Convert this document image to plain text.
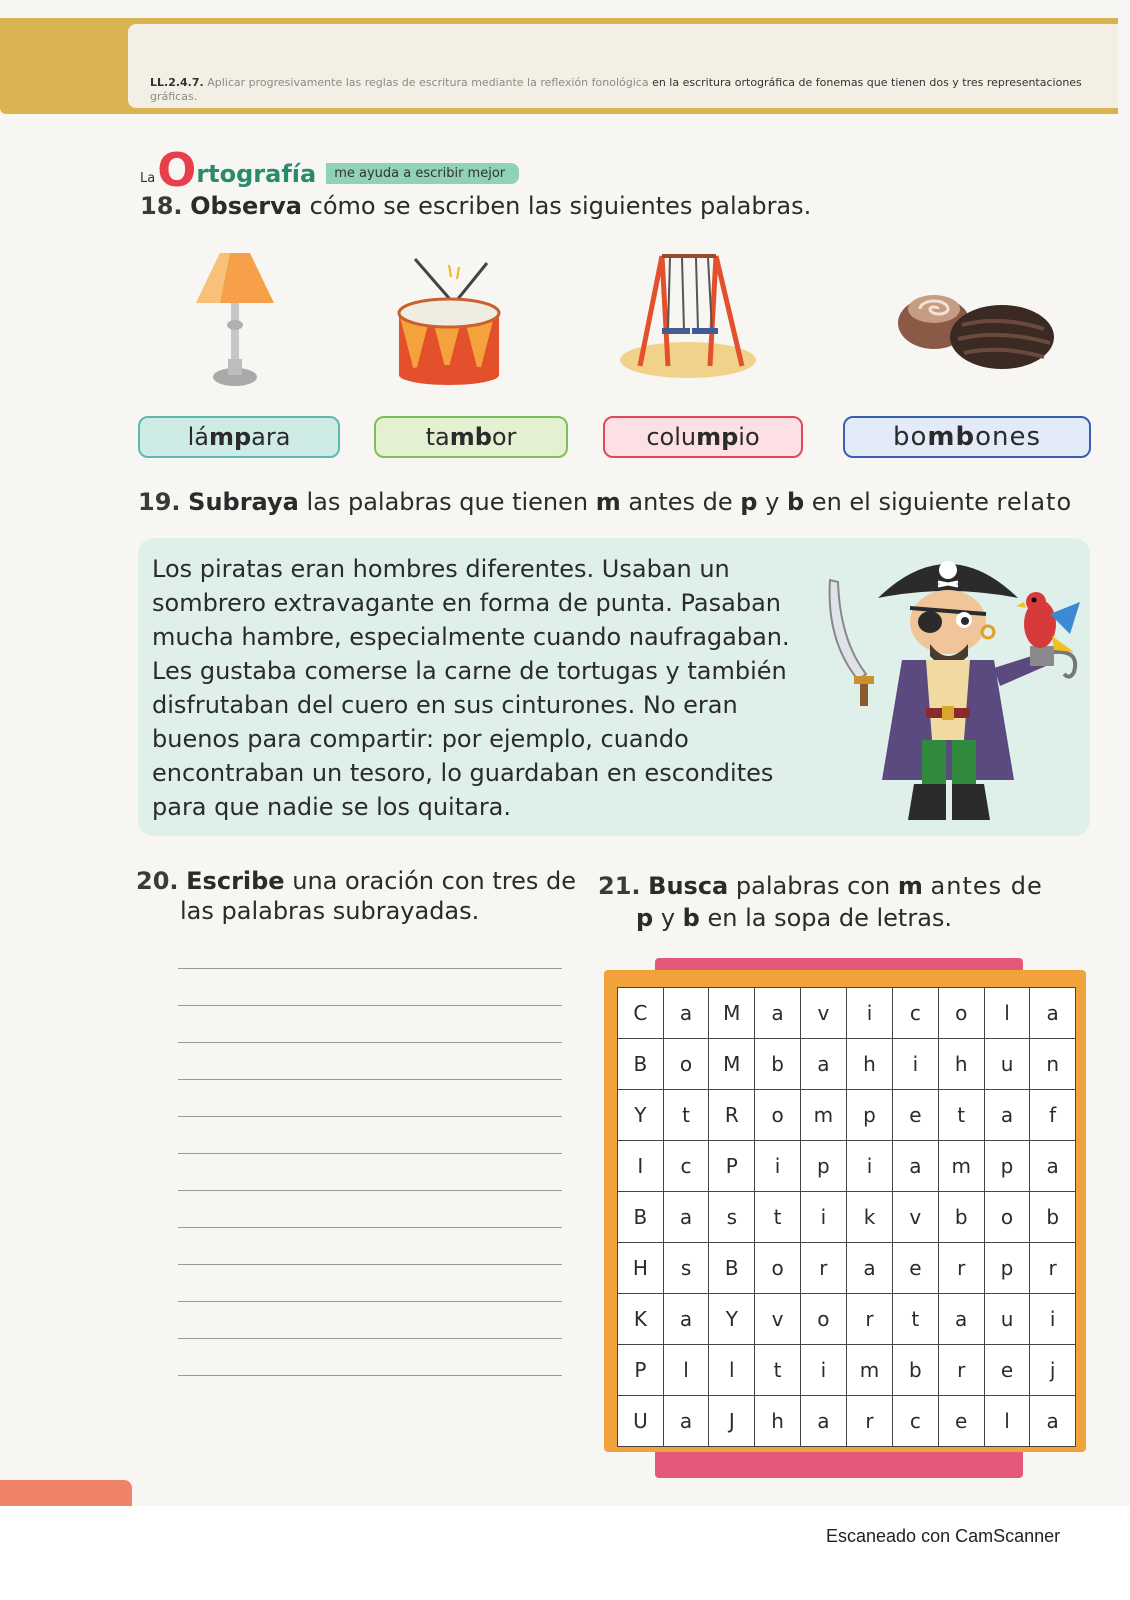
LL.2.4.7. Aplicar progresivamente las reglas de escritura mediante la reflexión fonológica en la escritura ortográfica de fonemas que tienen dos y tres representaciones
gráficas.
La O rtografía	me ayuda a escribir mejor
18. Observa cómo se escriben las siguientes palabras.
lá mp ara	ta mb or	colu mp io	bo mb ones
19. Subraya las palabras que tienen m antes de p y b en el siguiente relato
Los piratas eran hombres diferentes. Usaban un
sombrero extravagante en forma de punta. Pasaban
mucha hambre, especialmente cuando naufragaban.
Les gustaba comerse la carne de tortugas y también
disfrutaban del cuero en sus cinturones. No eran
buenos para compartir: por ejemplo, cuando
encontraban un tesoro, lo guardaban en escondites
para que nadie se los quitara.
20. Escribe una oración con tres de
las palabras subrayadas.
21. Busca palabras con m antes de
p y b en la sopa de letras.
C	a	M	a	v	i	c	o	l	a
B	o	M	b	a	h	i	h	u	n
Y	t	R	o	m	p	e	t	a	f
I	c	P	i	p	i	a	m	p	a
B	a	s	t	i	k	v	b	o	b
H	s	B	o	r	a	e	r	p	r
K	a	Y	v	o	r	t	a	u	i
P	l	l	t	i	m	b	r	e	j
U	a	J	h	a	r	c	e	l	a
Escaneado con CamScanner
